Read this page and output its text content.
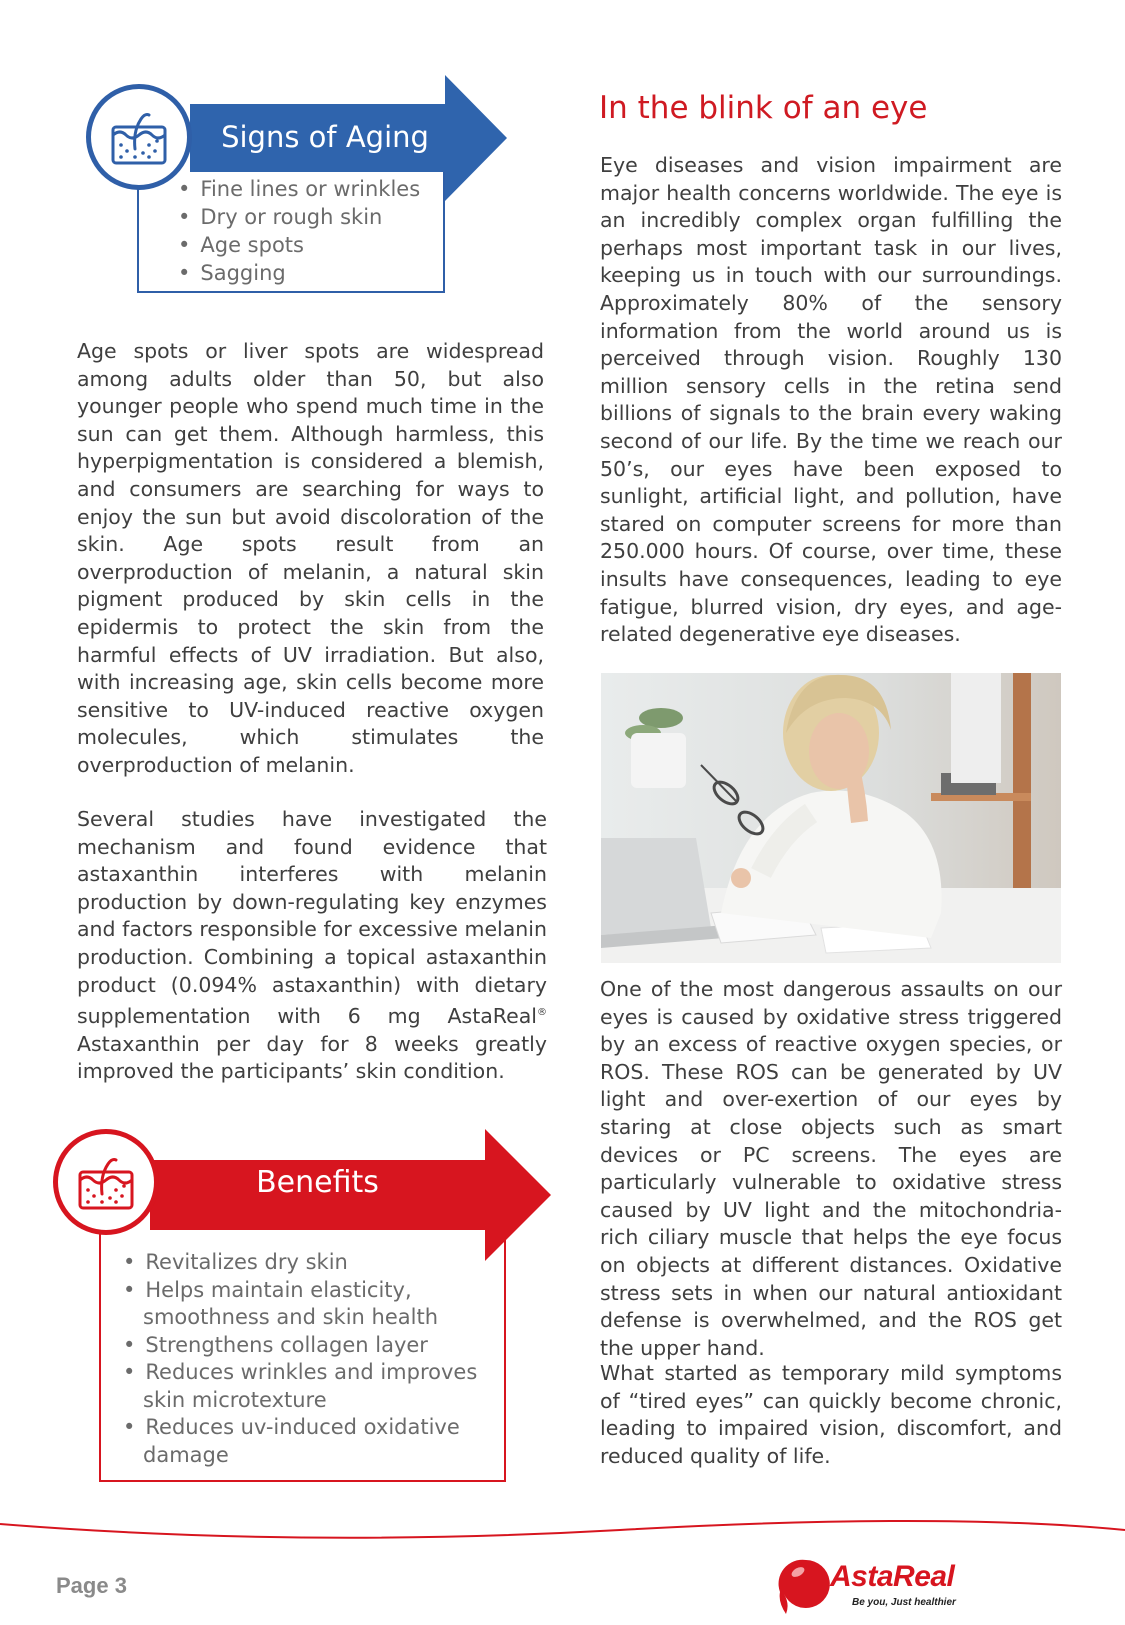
Signs of Aging
• Fine lines or wrinkles
• Dry or rough skin
• Age spots
• Sagging

Age spots or liver spots are widespread among adults older than 50, but also younger people who spend much time in the sun can get them. Although harmless, this hyperpigmentation is considered a blemish, and consumers are searching for ways to enjoy the sun but avoid discoloration of the skin. Age spots result from an overproduction of melanin, a natural skin pigment produced by skin cells in the epidermis to protect the skin from the harmful effects of UV irradiation. But also, with increasing age, skin cells become more sensitive to UV-induced reactive oxygen molecules, which stimulates the overproduction of melanin.

Several studies have investigated the mechanism and found evidence that astaxanthin interferes with melanin production by down-regulating key enzymes and factors responsible for excessive melanin production. Combining a topical astaxanthin product (0.094% astaxanthin) with dietary supplementation with 6 mg AstaReal® Astaxanthin per day for 8 weeks greatly improved the participants’ skin condition.

Benefits
• Revitalizes dry skin
• Helps maintain elasticity, smoothness and skin health
• Strengthens collagen layer
• Reduces wrinkles and improves skin microtexture
• Reduces uv-induced oxidative damage
In the blink of an eye

Eye diseases and vision impairment are major health concerns worldwide. The eye is an incredibly complex organ fulfilling the perhaps most important task in our lives, keeping us in touch with our surroundings. Approximately 80% of the sensory information from the world around us is perceived through vision. Roughly 130 million sensory cells in the retina send billions of signals to the brain every waking second of our life. By the time we reach our 50’s, our eyes have been exposed to sunlight, artificial light, and pollution, have stared on computer screens for more than 250.000 hours. Of course, over time, these insults have consequences, leading to eye fatigue, blurred vision, dry eyes, and age-related degenerative eye diseases.

One of the most dangerous assaults on our eyes is caused by oxidative stress triggered by an excess of reactive oxygen species, or ROS. These ROS can be generated by UV light and over-exertion of our eyes by staring at close objects such as smart devices or PC screens. The eyes are particularly vulnerable to oxidative stress caused by UV light and the mitochondria-rich ciliary muscle that helps the eye focus on objects at different distances. Oxidative stress sets in when our natural antioxidant defense is overwhelmed, and the ROS get the upper hand.

What started as temporary mild symptoms of “tired eyes” can quickly become chronic, leading to impaired vision, discomfort, and reduced quality of life.

Page 3	AstaReal
Be you, Just healthier
